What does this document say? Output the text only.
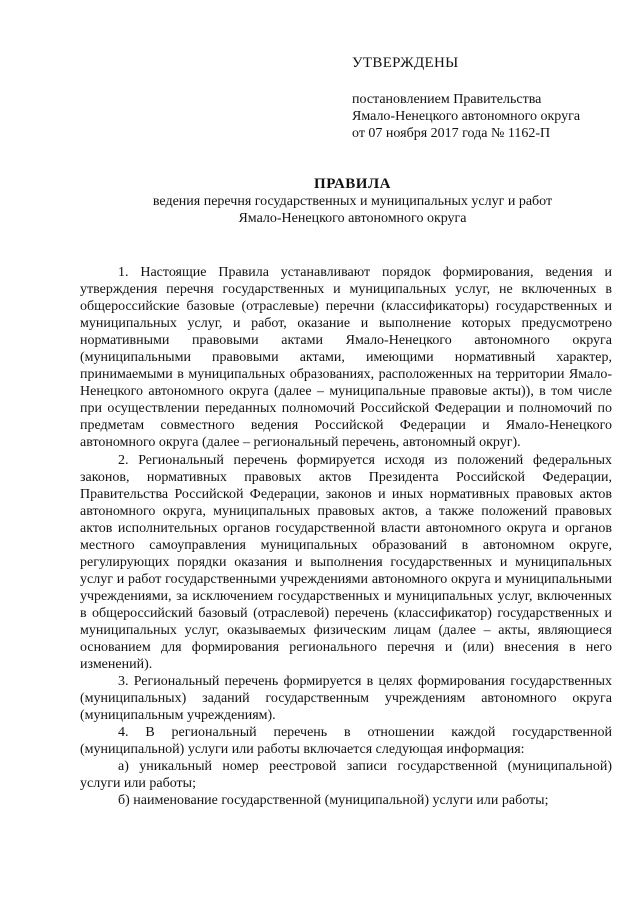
УТВЕРЖДЕНЫ
постановлением Правительства
Ямало-Ненецкого автономного округа
от 07 ноября 2017 года № 1162-П
ПРАВИЛА
ведения перечня государственных и муниципальных услуг и работ
Ямало-Ненецкого автономного округа

1. Настоящие Правила устанавливают порядок формирования, ведения и утверждения перечня государственных и муниципальных услуг, не включенных в общероссийские базовые (отраслевые) перечни (классификаторы) государственных и муниципальных услуг, и работ, оказание и выполнение которых предусмотрено нормативными правовыми актами Ямало-Ненецкого автономного округа (муниципальными правовыми актами, имеющими нормативный характер, принимаемыми в муниципальных образованиях, расположенных на территории Ямало-Ненецкого автономного округа (далее – муниципальные правовые акты)), в том числе при осуществлении переданных полномочий Российской Федерации и полномочий по предметам совместного ведения Российской Федерации и Ямало-Ненецкого автономного округа (далее – региональный перечень, автономный округ).

2. Региональный перечень формируется исходя из положений федеральных законов, нормативных правовых актов Президента Российской Федерации, Правительства Российской Федерации, законов и иных нормативных правовых актов автономного округа, муниципальных правовых актов, а также положений правовых актов исполнительных органов государственной власти автономного округа и органов местного самоуправления муниципальных образований в автономном округе, регулирующих порядки оказания и выполнения государственных и муниципальных услуг и работ государственными учреждениями автономного округа и муниципальными учреждениями, за исключением государственных и муниципальных услуг, включенных в общероссийский базовый (отраслевой) перечень (классификатор) государственных и муниципальных услуг, оказываемых физическим лицам (далее – акты, являющиеся основанием для формирования регионального перечня и (или) внесения в него изменений).

3. Региональный перечень формируется в целях формирования государственных (муниципальных) заданий государственным учреждениям автономного округа (муниципальным учреждениям).

4. В региональный перечень в отношении каждой государственной (муниципальной) услуги или работы включается следующая информация:

а) уникальный номер реестровой записи государственной (муниципальной) услуги или работы;

б) наименование государственной (муниципальной) услуги или работы;
